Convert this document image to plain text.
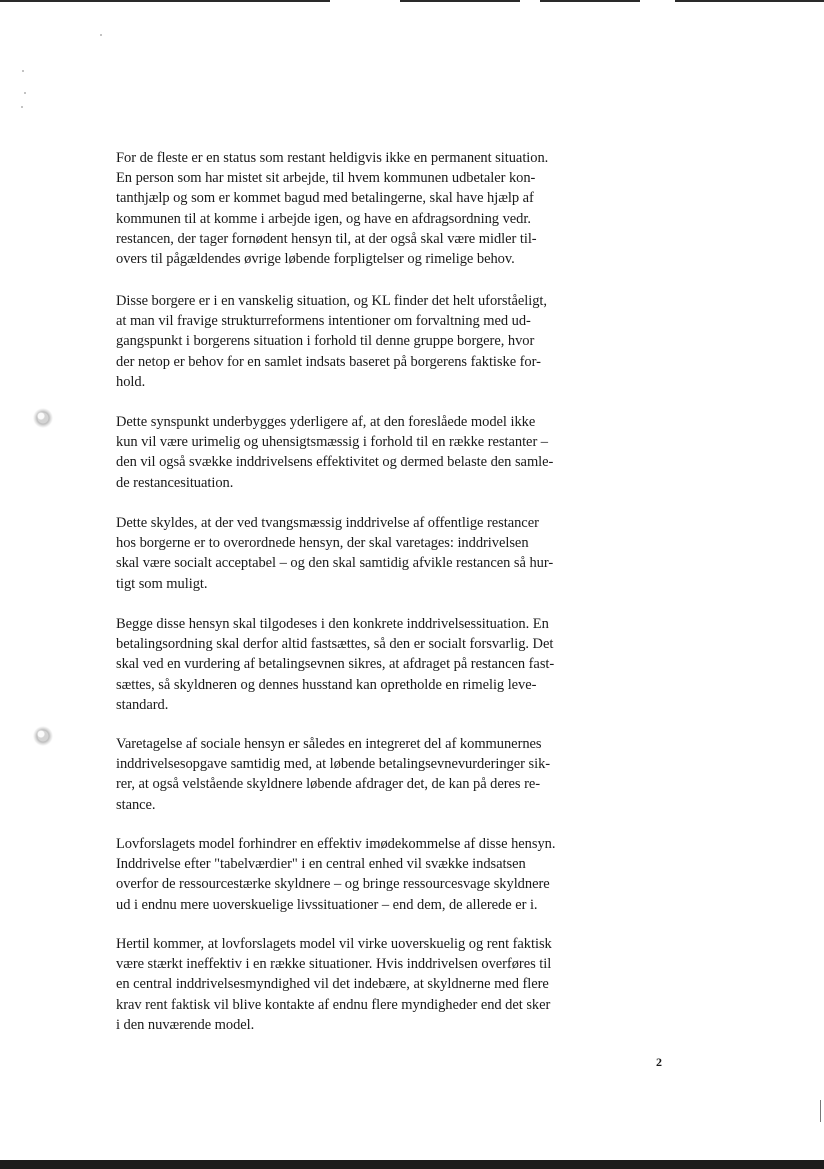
For de fleste er en status som restant heldigvis ikke en permanent situation.
En person som har mistet sit arbejde, til hvem kommunen udbetaler kon-
tanthjælp og som er kommet bagud med betalingerne, skal have hjælp af
kommunen til at komme i arbejde igen, og have en afdragsordning vedr.
restancen, der tager fornødent hensyn til, at der også skal være midler til-
overs til pågældendes øvrige løbende forpligtelser og rimelige behov.

Disse borgere er i en vanskelig situation, og KL finder det helt uforståeligt,
at man vil fravige strukturreformens intentioner om forvaltning med ud-
gangspunkt i borgerens situation i forhold til denne gruppe borgere, hvor
der netop er behov for en samlet indsats baseret på borgerens faktiske for-
hold.

Dette synspunkt underbygges yderligere af, at den foreslåede model ikke
kun vil være urimelig og uhensigtsmæssig i forhold til en række restanter –
den vil også svække inddrivelsens effektivitet og dermed belaste den samle-
de restancesituation.

Dette skyldes, at der ved tvangsmæssig inddrivelse af offentlige restancer
hos borgerne er to overordnede hensyn, der skal varetages: inddrivelsen
skal være socialt acceptabel – og den skal samtidig afvikle restancen så hur-
tigt som muligt.

Begge disse hensyn skal tilgodeses i den konkrete inddrivelsessituation. En
betalingsordning skal derfor altid fastsættes, så den er socialt forsvarlig. Det
skal ved en vurdering af betalingsevnen sikres, at afdraget på restancen fast-
sættes, så skyldneren og dennes husstand kan opretholde en rimelig leve-
standard.

Varetagelse af sociale hensyn er således en integreret del af kommunernes
inddrivelsesopgave samtidig med, at løbende betalingsevnevurderinger sik-
rer, at også velstående skyldnere løbende afdrager det, de kan på deres re-
stance.

Lovforslagets model forhindrer en effektiv imødekommelse af disse hensyn.
Inddrivelse efter "tabelværdier" i en central enhed vil svække indsatsen
overfor de ressourcestærke skyldnere – og bringe ressourcesvage skyldnere
ud i endnu mere uoverskuelige livssituationer – end dem, de allerede er i.

Hertil kommer, at lovforslagets model vil virke uoverskuelig og rent faktisk
være stærkt ineffektiv i en række situationer. Hvis inddrivelsen overføres til
en central inddrivelsesmyndighed vil det indebære, at skyldnerne med flere
krav rent faktisk vil blive kontakte af endnu flere myndigheder end det sker
i den nuværende model.

2
